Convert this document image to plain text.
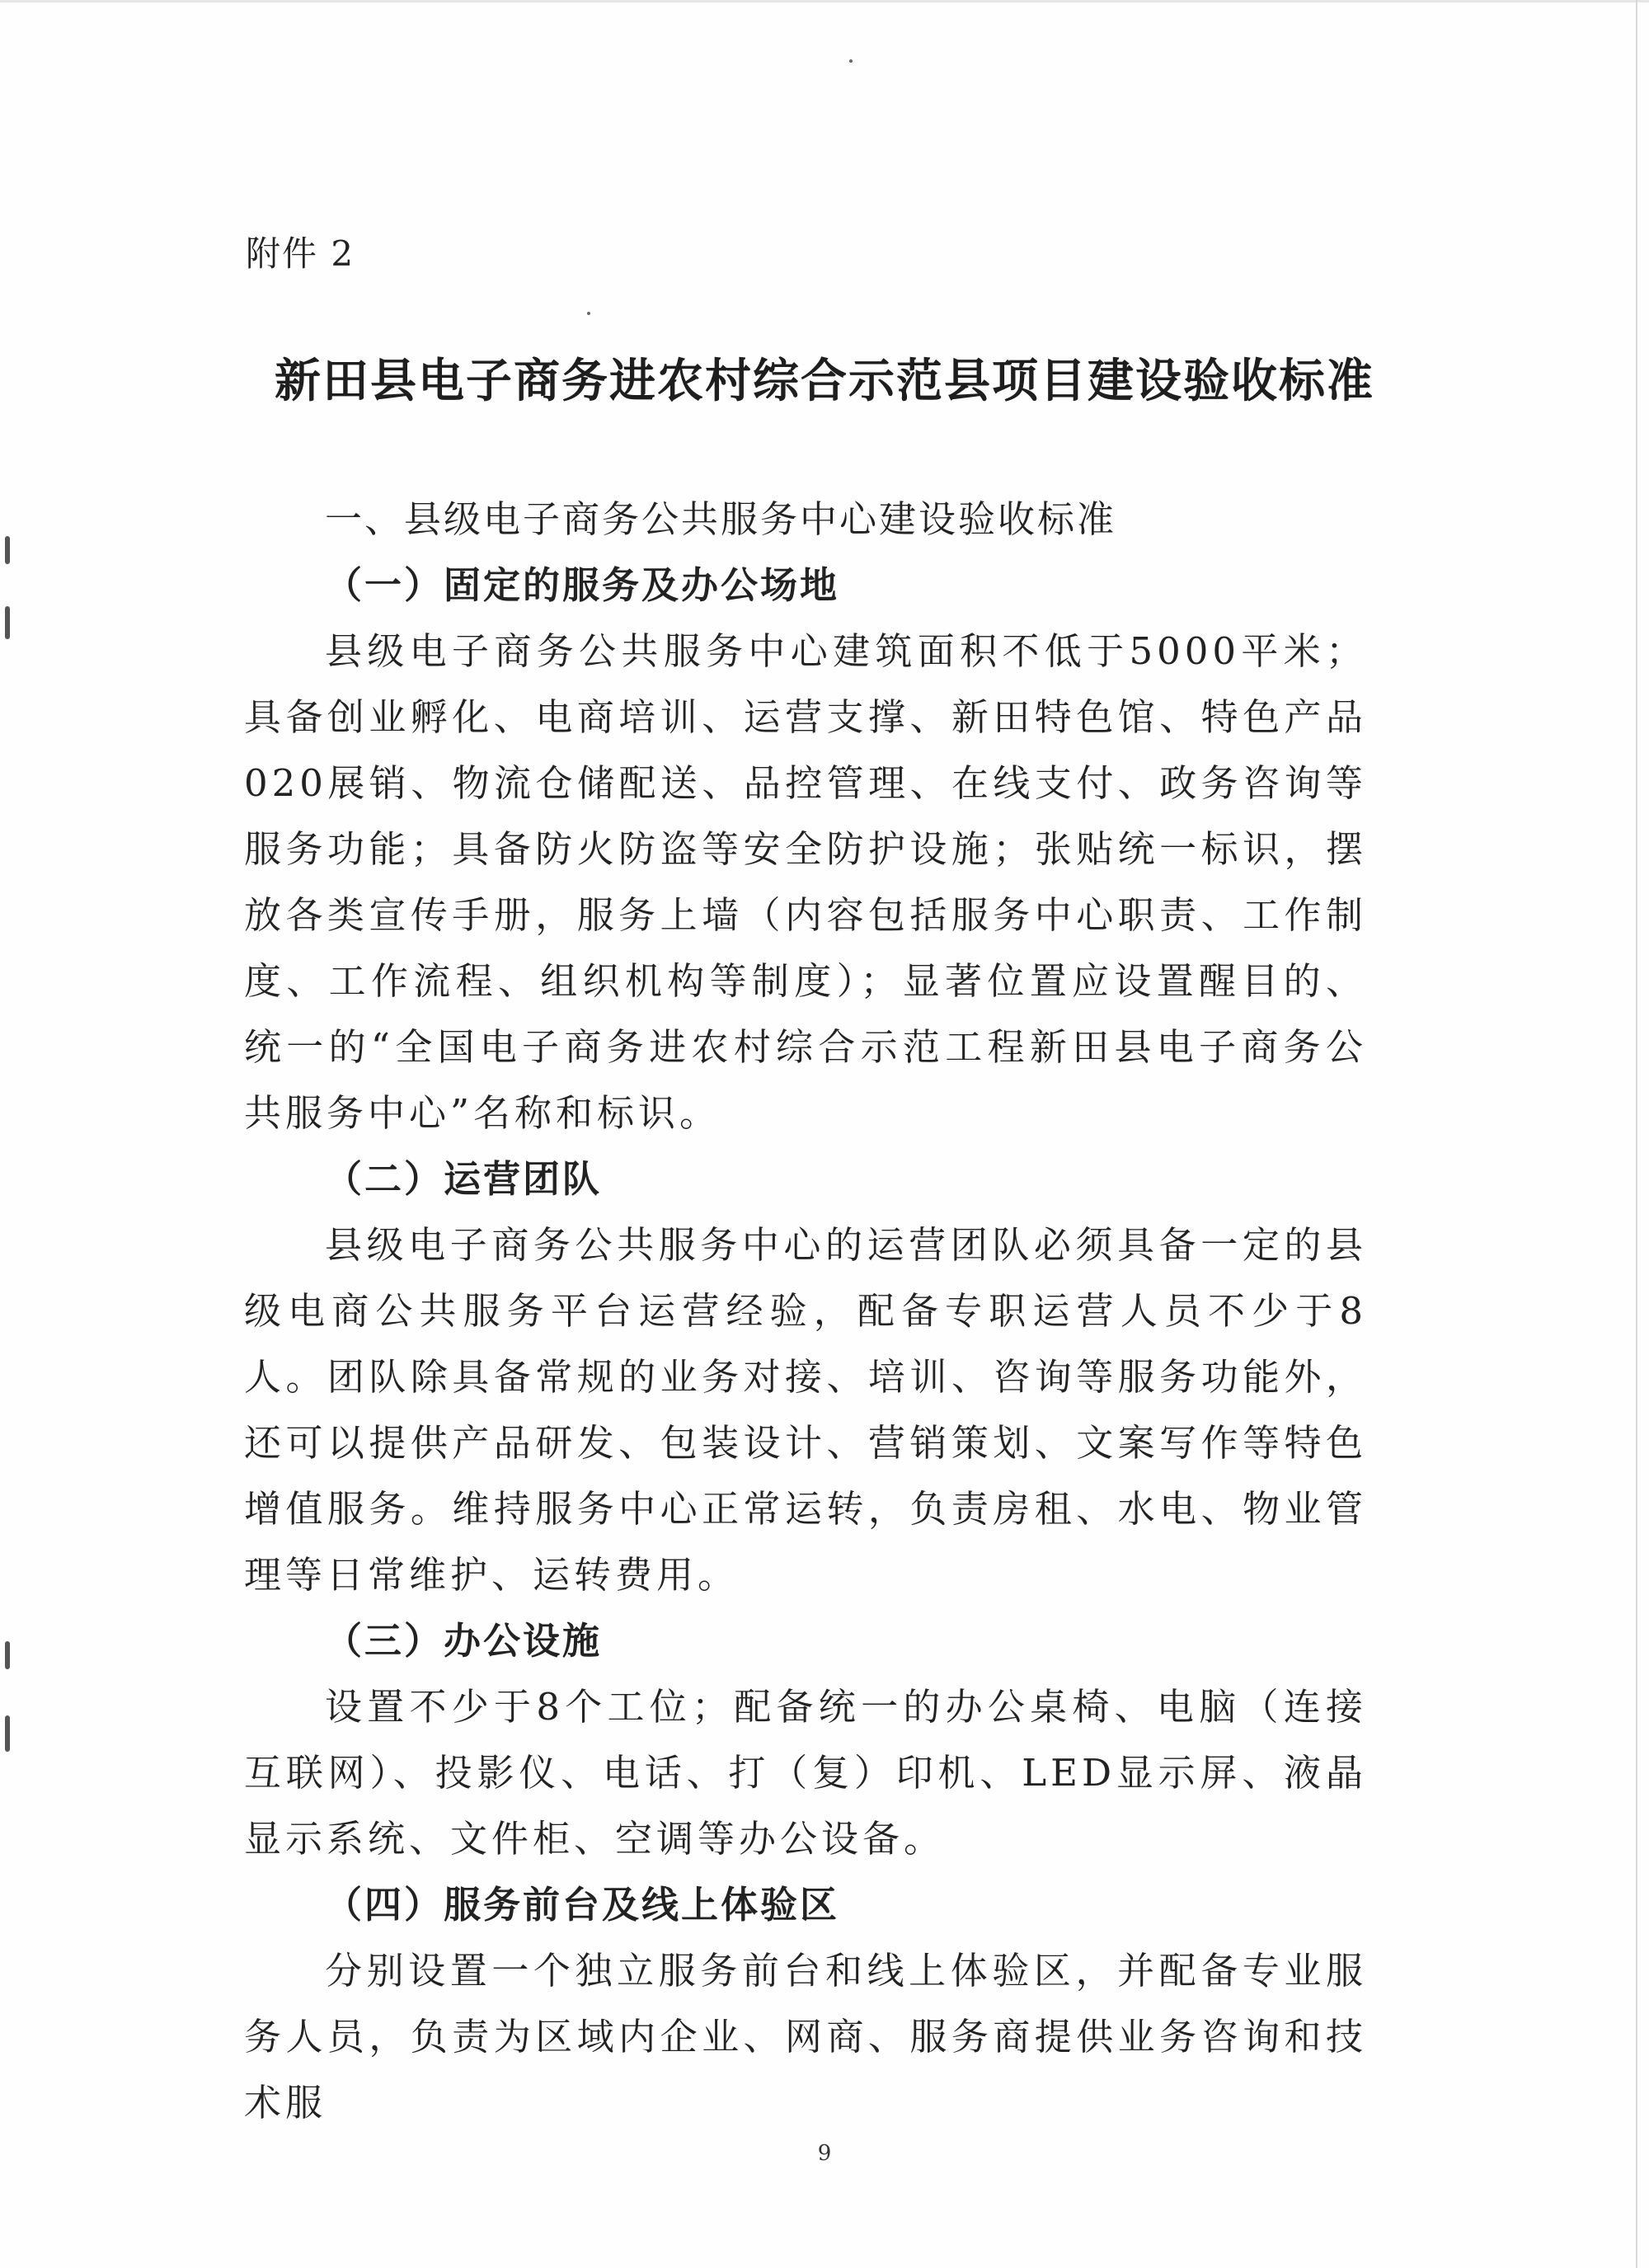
附件 2
新田县电子商务进农村综合示范县项目建设验收标准

一、县级电子商务公共服务中心建设验收标准

（一）固定的服务及办公场地

县级电子商务公共服务中心建筑面积不低于5000平米；具备创业孵化、电商培训、运营支撑、新田特色馆、特色产品020展销、物流仓储配送、品控管理、在线支付、政务咨询等服务功能；具备防火防盗等安全防护设施；张贴统一标识，摆放各类宣传手册，服务上墙（内容包括服务中心职责、工作制度、工作流程、组织机构等制度）；显著位置应设置醒目的、统一的“全国电子商务进农村综合示范工程新田县电子商务公共服务中心”名称和标识。

（二）运营团队

县级电子商务公共服务中心的运营团队必须具备一定的县级电商公共服务平台运营经验，配备专职运营人员不少于8人。团队除具备常规的业务对接、培训、咨询等服务功能外，还可以提供产品研发、包装设计、营销策划、文案写作等特色增值服务。维持服务中心正常运转，负责房租、水电、物业管理等日常维护、运转费用。

（三）办公设施

设置不少于8个工位；配备统一的办公桌椅、电脑（连接互联网）、投影仪、电话、打（复）印机、LED显示屏、液晶显示系统、文件柜、空调等办公设备。

（四）服务前台及线上体验区

分别设置一个独立服务前台和线上体验区，并配备专业服务人员，负责为区域内企业、网商、服务商提供业务咨询和技术服

9
